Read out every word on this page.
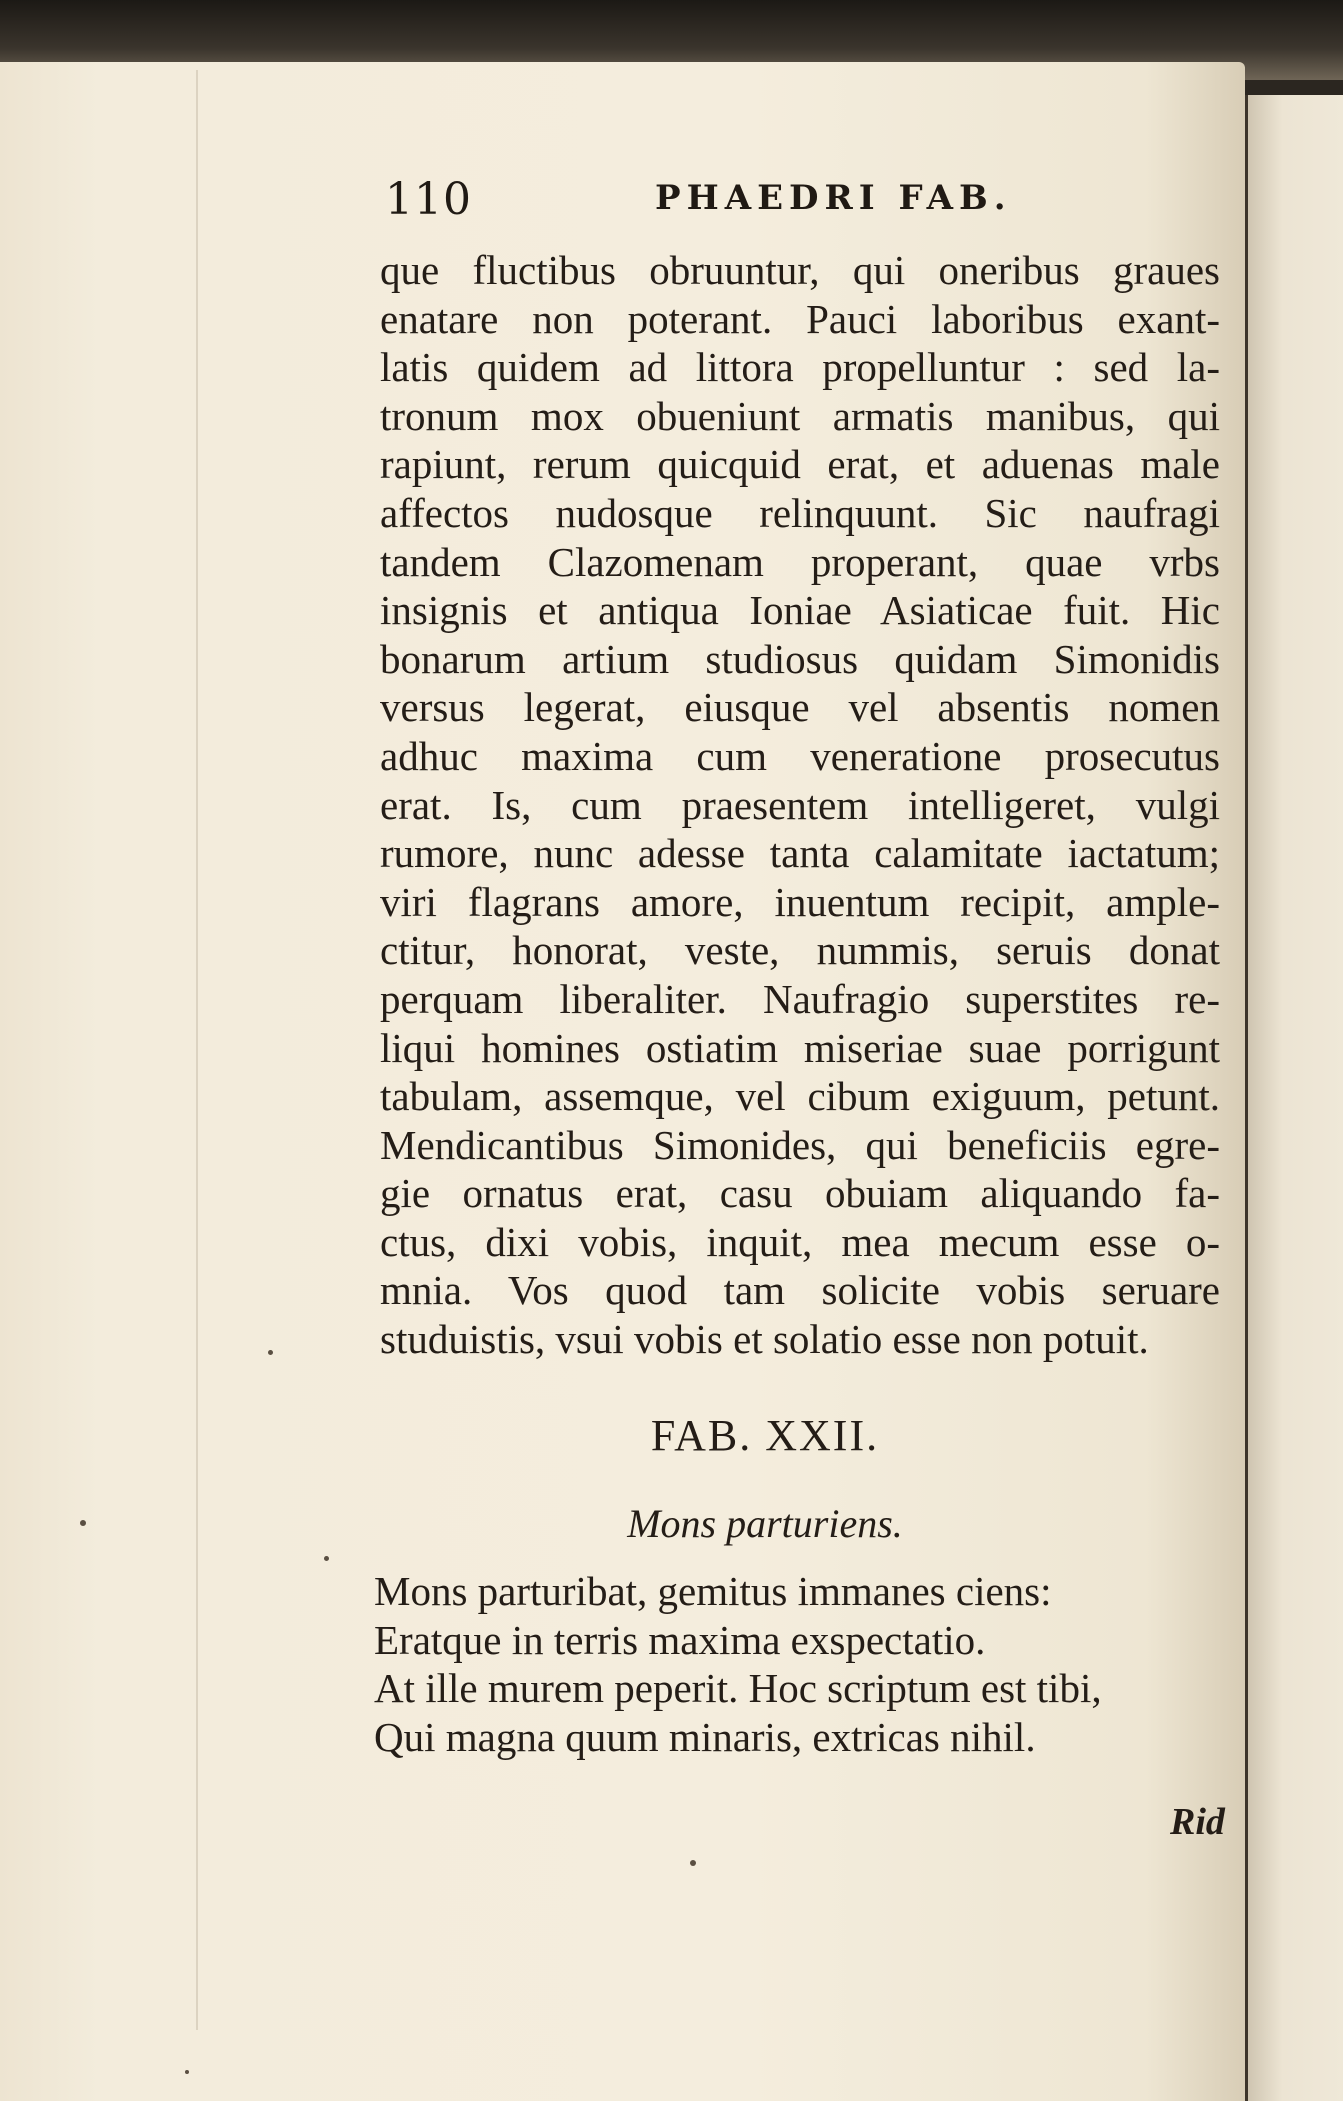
110	PHAEDRI FAB.
que fluctibus obruuntur, qui oneribus graues
enatare non poterant. Pauci laboribus exant-
latis quidem ad littora propelluntur : sed la-
tronum mox obueniunt armatis manibus, qui
rapiunt, rerum quicquid erat, et aduenas male
affectos nudosque relinquunt. Sic naufragi
tandem Clazomenam properant, quae vrbs
insignis et antiqua Ioniae Asiaticae fuit. Hic
bonarum artium studiosus quidam Simonidis
versus legerat, eiusque vel absentis nomen
adhuc maxima cum veneratione prosecutus
erat. Is, cum praesentem intelligeret, vulgi
rumore, nunc adesse tanta calamitate iactatum;
viri flagrans amore, inuentum recipit, ample-
ctitur, honorat, veste, nummis, seruis donat
perquam liberaliter. Naufragio superstites re-
liqui homines ostiatim miseriae suae porrigunt
tabulam, assemque, vel cibum exiguum, petunt.
Mendicantibus Simonides, qui beneficiis egre-
gie ornatus erat, casu obuiam aliquando fa-
ctus, dixi vobis, inquit, mea mecum esse o-
mnia. Vos quod tam solicite vobis seruare
studuistis, vsui vobis et solatio esse non potuit.
FAB. XXII.
Mons parturiens.
Mons parturibat, gemitus immanes ciens:
Eratque in terris maxima exspectatio.
At ille murem peperit. Hoc scriptum est tibi,
Qui magna quum minaris, extricas nihil.
Rid
